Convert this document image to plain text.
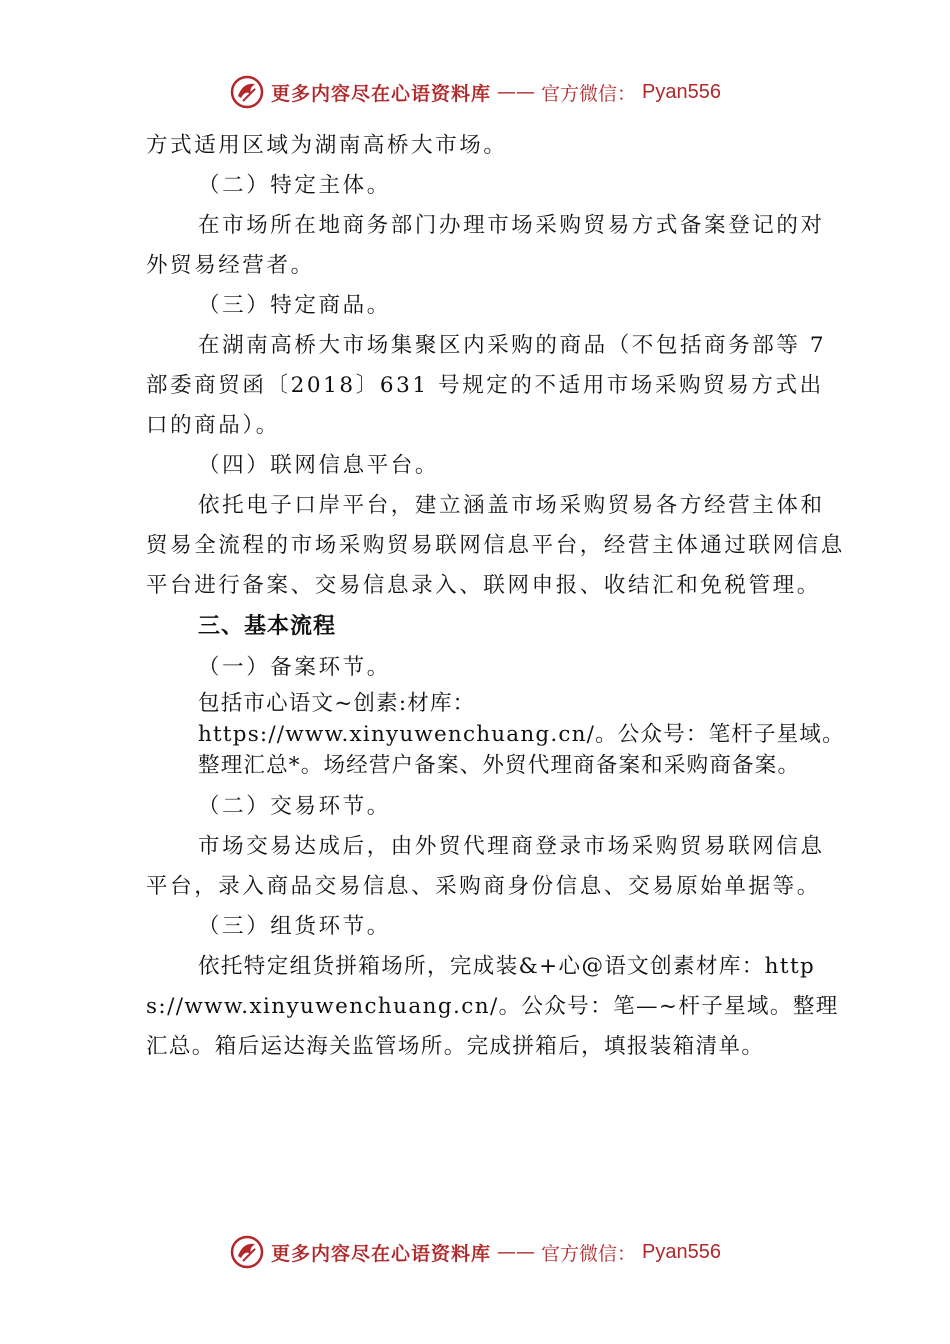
更多内容尽在心语资料库 —— 官方微信： Pyan556

方式适用区域为湖南高桥大市场。

（二）特定主体。

在市场所在地商务部门办理市场采购贸易方式备案登记的对外贸易经营者。

（三）特定商品。

在湖南高桥大市场集聚区内采购的商品（不包括商务部等 7 部委商贸函〔2018〕631 号规定的不适用市场采购贸易方式出口的商品）。

（四）联网信息平台。

依托电子口岸平台，建立涵盖市场采购贸易各方经营主体和贸易全流程的市场采购贸易联网信息平台，经营主体通过联网信息平台进行备案、交易信息录入、联网申报、收结汇和免税管理。

三、基本流程

（一）备案环节。

包括市心语文~创素:材库：https://www.xinyuwenchuang.cn/。公众号：笔杆子星域。整理汇总*。场经营户备案、外贸代理商备案和采购商备案。

（二）交易环节。

市场交易达成后，由外贸代理商登录市场采购贸易联网信息平台，录入商品交易信息、采购商身份信息、交易原始单据等。

（三）组货环节。

依托特定组货拼箱场所，完成装&+心@语文创素材库：https://www.xinyuwenchuang.cn/。公众号：笔—~杆子星域。整理汇总。箱后运达海关监管场所。完成拼箱后，填报装箱清单。

更多内容尽在心语资料库 —— 官方微信： Pyan556
